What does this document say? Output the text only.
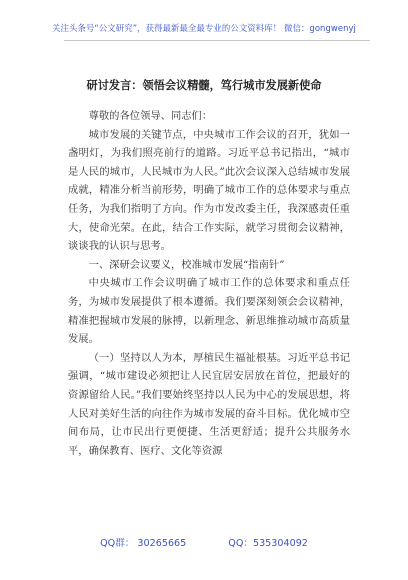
关注头条号“公文研究”，获得最新最全最专业的公文资料库！ 微信：gongwenyj
研讨发言：领悟会议精髓，笃行城市发展新使命

尊敬的各位领导、同志们：

城市发展的关键节点，中央城市工作会议的召开，犹如一盏明灯，为我们照亮前行的道路。习近平总书记指出，“城市是人民的城市，人民城市为人民。”此次会议深入总结城市发展成就，精准分析当前形势，明确了城市工作的总体要求与重点任务，为我们指明了方向。作为市发改委主任，我深感责任重大，使命光荣。在此，结合工作实际，就学习贯彻会议精神，谈谈我的认识与思考。

一、深研会议要义，校准城市发展“指南针”

中央城市工作会议明确了城市工作的总体要求和重点任务，为城市发展提供了根本遵循。我们要深刻领会会议精神，精准把握城市发展的脉搏，以新理念、新思维推动城市高质量发展。

（一）坚持以人为本，厚植民生福祉根基。习近平总书记强调，“城市建设必须把让人民宜居安居放在首位，把最好的资源留给人民。”我们要始终坚持以人民为中心的发展思想，将人民对美好生活的向往作为城市发展的奋斗目标。优化城市空间布局，让市民出行更便捷、生活更舒适；提升公共服务水平，确保教育、医疗、文化等资源

QQ群： 30265665	QQ：535304092
